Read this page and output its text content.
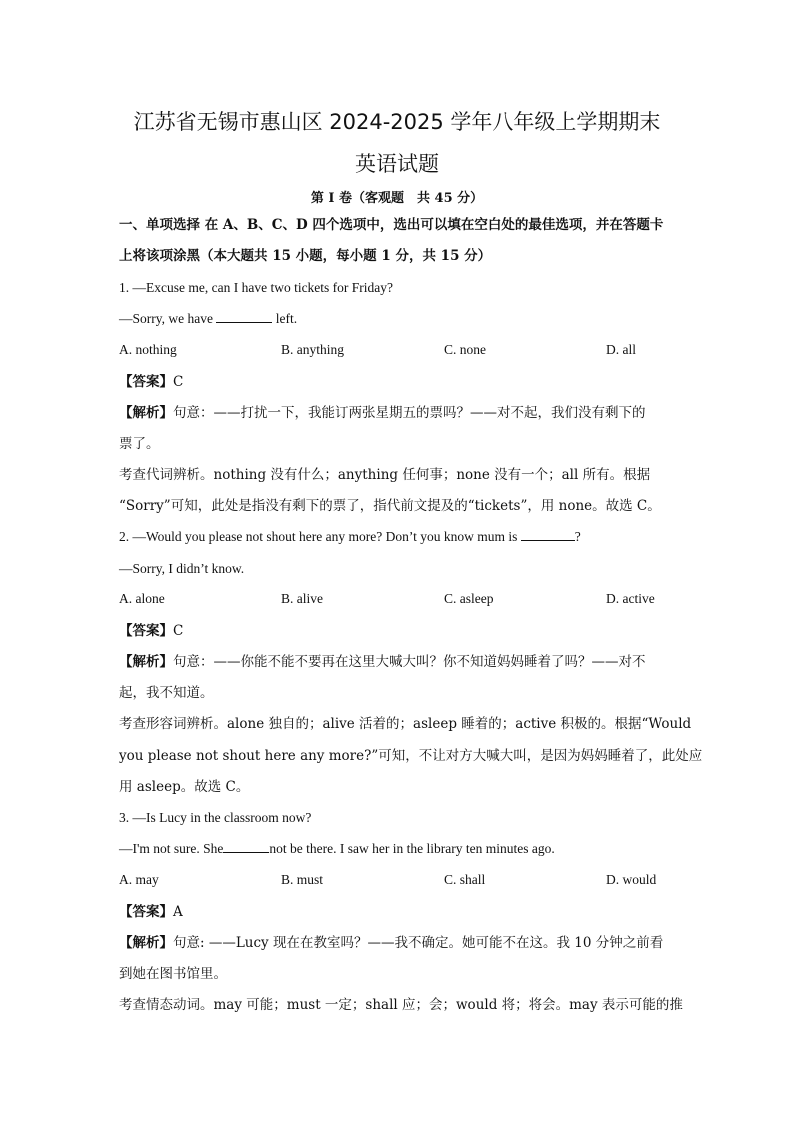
江苏省无锡市惠山区 2024-2025 学年八年级上学期期末
英语试题
第 I 卷（客观题　共 45 分）
一、单项选择 在 A、B、C、D 四个选项中，选出可以填在空白处的最佳选项，并在答题卡
上将该项涂黑（本大题共 15 小题，每小题 1 分，共 15 分）
1. —Excuse me, can I have two tickets for Friday?
—Sorry, we have	left.
A. nothing	B. anything	C. none	D. all
【答案】C
【解析】句意：——打扰一下，我能订两张星期五的票吗？——对不起，我们没有剩下的
票了。
考查代词辨析。nothing 没有什么；anything 任何事；none 没有一个；all 所有。根据
“Sorry”可知，此处是指没有剩下的票了，指代前文提及的“tickets”，用 none。故选 C。
2. —Would you please not shout here any more? Don’t you know mum is	?
—Sorry, I didn’t know.
A. alone	B. alive	C. asleep	D. active
【答案】C
【解析】句意：——你能不能不要再在这里大喊大叫？你不知道妈妈睡着了吗？——对不
起，我不知道。
考查形容词辨析。alone 独自的；alive 活着的；asleep 睡着的；active 积极的。根据“Would
you please not shout here any more?”可知，不让对方大喊大叫，是因为妈妈睡着了，此处应
用 asleep。故选 C。
3. —Is Lucy in the classroom now?
—I'm not sure. She	not be there. I saw her in the library ten minutes ago.
A. may	B. must	C. shall	D. would
【答案】A
【解析】句意: ——Lucy 现在在教室吗？——我不确定。她可能不在这。我 10 分钟之前看
到她在图书馆里。
考查情态动词。may 可能；must 一定；shall 应；会；would 将；将会。may 表示可能的推
